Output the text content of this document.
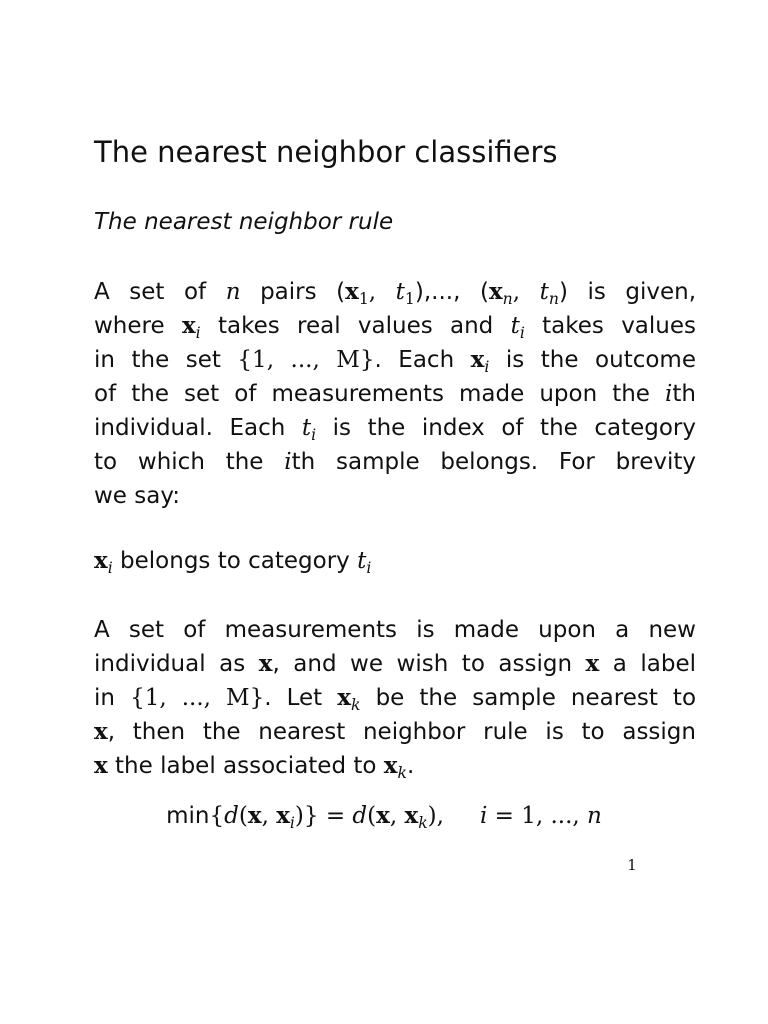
The nearest neighbor classifiers
The nearest neighbor rule
A set of n pairs ($x_1$, $t_1$),..., ($x_n$, $t_n$) is given,
where $x_i$ takes real values and $t_i$ takes values
in the set {1, ..., M}. Each $x_i$ is the outcome
of the set of measurements made upon the ith
individual. Each $t_i$ is the index of the category
to which the ith sample belongs. For brevity
we say:
$x_i$ belongs to category $t_i$
A set of measurements is made upon a new
individual as x, and we wish to assign x a label
in {1, ..., M}. Let $x_k$ be the sample nearest to
x, then the nearest neighbor rule is to assign
x the label associated to $x_k$.
min{d(x, $x_i)\} = d(x$, $x_k$), i = 1, ..., n
1
